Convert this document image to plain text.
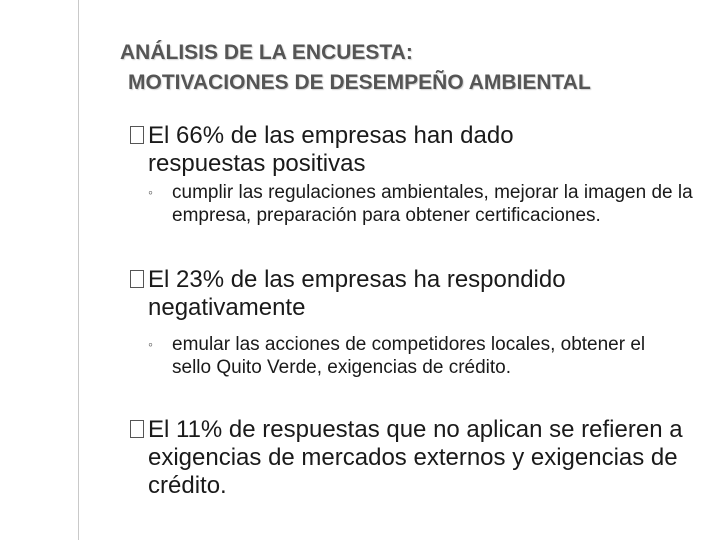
ANÁLISIS DE LA ENCUESTA:
MOTIVACIONES DE DESEMPEÑO AMBIENTAL
El 66% de las empresas han dado respuestas positivas
◦ cumplir las regulaciones ambientales, mejorar la imagen de la empresa, preparación para obtener certificaciones.
El 23% de las empresas ha respondido negativamente
◦ emular las acciones de competidores locales, obtener el sello Quito Verde, exigencias de crédito.
El 11% de respuestas que no aplican se refieren a exigencias de mercados externos y exigencias de crédito.
